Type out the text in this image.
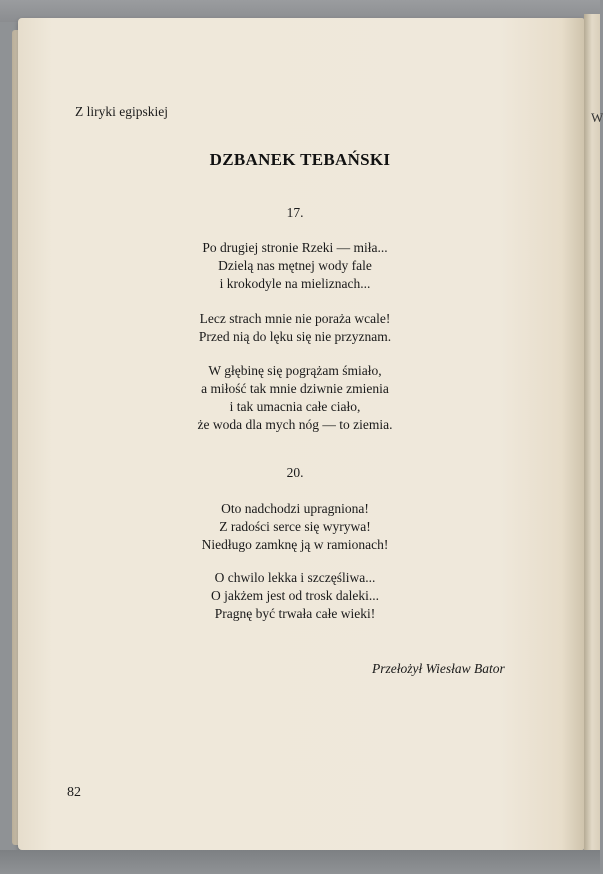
W
Z liryki egipskiej
DZBANEK TEBAŃSKI
17.
Po drugiej stronie Rzeki — miła...
Dzielą nas mętnej wody fale
i krokodyle na mieliznach...
Lecz strach mnie nie poraża wcale!
Przed nią do lęku się nie przyznam.
W głębinę się pogrążam śmiało,
a miłość tak mnie dziwnie zmienia
i tak umacnia całe ciało,
że woda dla mych nóg — to ziemia.
20.
Oto nadchodzi upragniona!
Z radości serce się wyrywa!
Niedługo zamknę ją w ramionach!
O chwilo lekka i szczęśliwa...
O jakżem jest od trosk daleki...
Pragnę być trwała całe wieki!
Przełożył Wiesław Bator
82
